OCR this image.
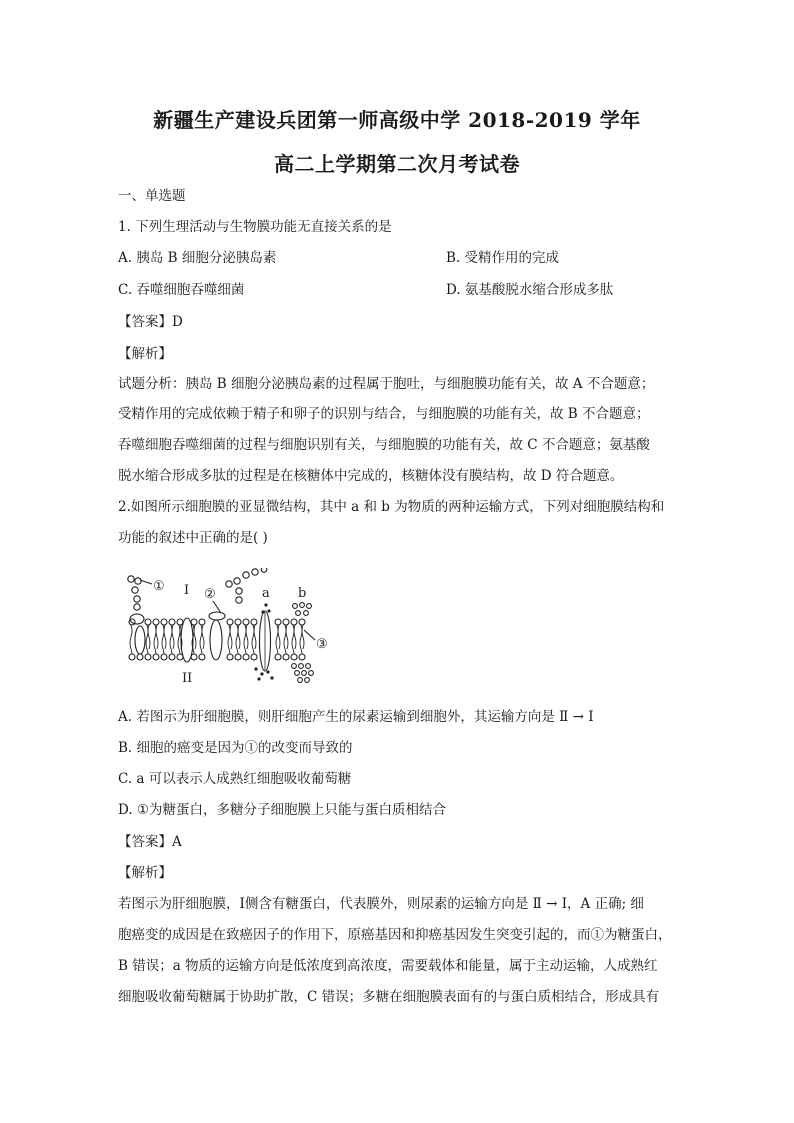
新疆生产建设兵团第一师高级中学 2018-2019 学年
高二上学期第二次月考试卷
一、单选题
1. 下列生理活动与生物膜功能无直接关系的是
A. 胰岛 B 细胞分泌胰岛素	B. 受精作用的完成
C. 吞噬细胞吞噬细菌	D. 氨基酸脱水缩合形成多肽
【答案】D
【解析】
试题分析：胰岛 B 细胞分泌胰岛素的过程属于胞吐，与细胞膜功能有关，故 A 不合题意；
受精作用的完成依赖于精子和卵子的识别与结合，与细胞膜的功能有关，故 B 不合题意；
吞噬细胞吞噬细菌的过程与细胞识别有关，与细胞膜的功能有关，故 C 不合题意；氨基酸
脱水缩合形成多肽的过程是在核糖体中完成的，核糖体没有膜结构，故 D 符合题意。
2.如图所示细胞膜的亚显微结构，其中 a 和 b 为物质的两种运输方式，下列对细胞膜结构和
功能的叙述中正确的是( )
① I ②	a b
II
③
A. 若图示为肝细胞膜，则肝细胞产生的尿素运输到细胞外，其运输方向是 Ⅱ → Ⅰ
B. 细胞的癌变是因为①的改变而导致的
C. a 可以表示人成熟红细胞吸收葡萄糖
D. ①为糖蛋白，多糖分子细胞膜上只能与蛋白质相结合
【答案】A
【解析】
若图示为肝细胞膜，Ⅰ侧含有糖蛋白，代表膜外，则尿素的运输方向是 Ⅱ → Ⅰ，A 正确; 细
胞癌变的成因是在致癌因子的作用下，原癌基因和抑癌基因发生突变引起的，而①为糖蛋白，
B 错误；a 物质的运输方向是低浓度到高浓度，需要载体和能量，属于主动运输，人成熟红
细胞吸收葡萄糖属于协助扩散，C 错误；多糖在细胞膜表面有的与蛋白质相结合，形成具有
